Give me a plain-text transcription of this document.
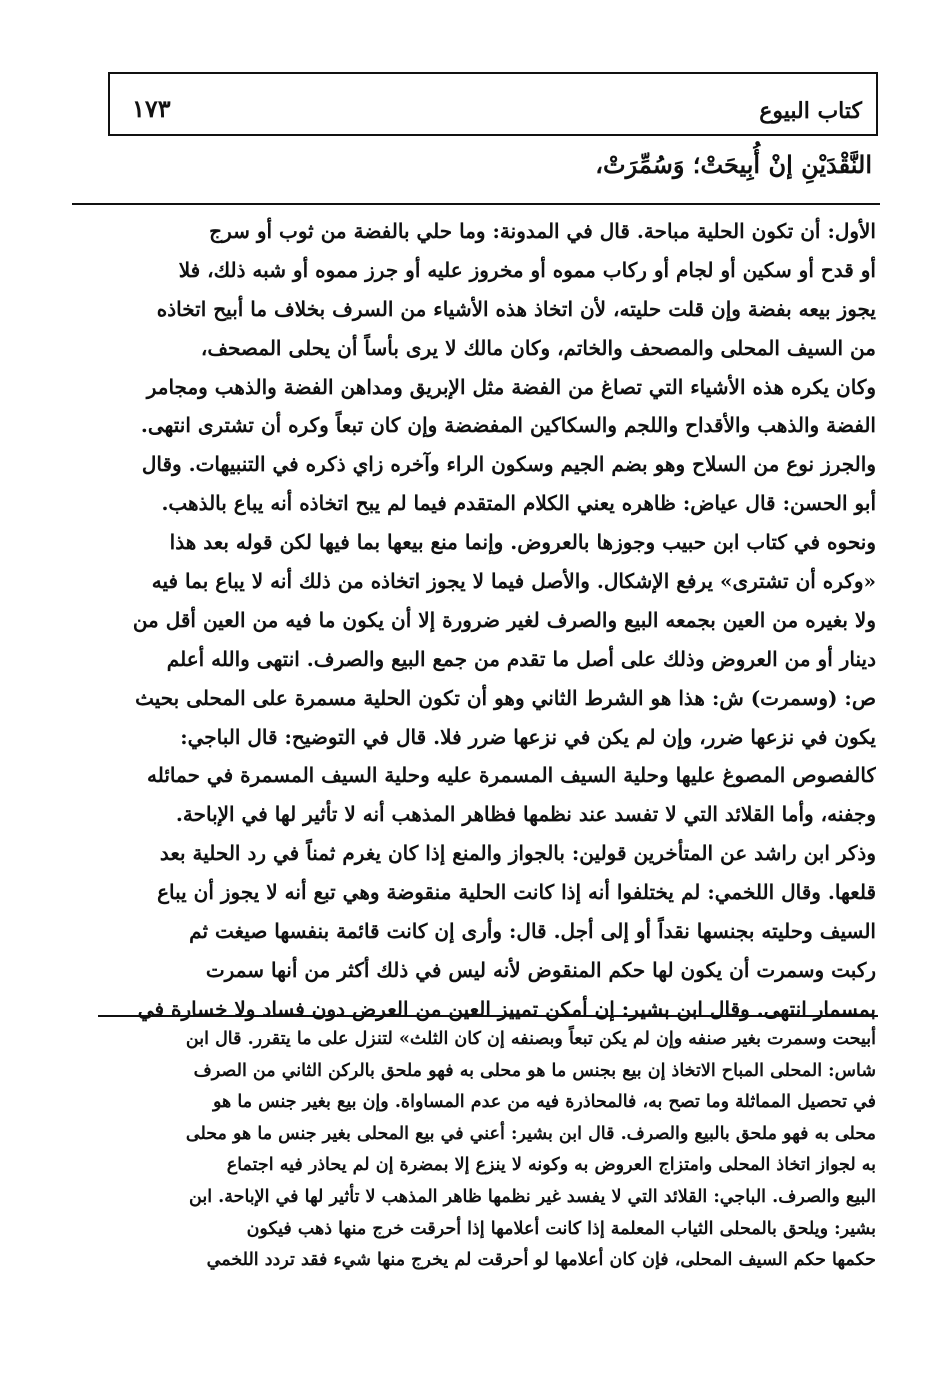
كتاب البيوع
١٧٣
النَّقْدَيْنِ إنْ أُبِيحَتْ؛ وَسُمِّرَتْ،
الأول: أن تكون الحلية مباحة. قال في المدونة: وما حلي بالفضة من ثوب أو سرج
أو قدح أو سكين أو لجام أو ركاب مموه أو مخروز عليه أو جرز مموه أو شبه ذلك، فلا
يجوز بيعه بفضة وإن قلت حليته، لأن اتخاذ هذه الأشياء من السرف بخلاف ما أبيح اتخاذه
من السيف المحلى والمصحف والخاتم، وكان مالك لا يرى بأساً أن يحلى المصحف،
وكان يكره هذه الأشياء التي تصاغ من الفضة مثل الإبريق ومداهن الفضة والذهب ومجامر
الفضة والذهب والأقداح واللجم والسكاكين المفضضة وإن كان تبعاً وكره أن تشترى انتهى.
والجرز نوع من السلاح وهو بضم الجيم وسكون الراء وآخره زاي ذكره في التنبيهات. وقال
أبو الحسن: قال عياض: ظاهره يعني الكلام المتقدم فيما لم يبح اتخاذه أنه يباع بالذهب.
ونحوه في كتاب ابن حبيب وجوزها بالعروض. وإنما منع بيعها بما فيها لكن قوله بعد هذا
«وكره أن تشترى» يرفع الإشكال. والأصل فيما لا يجوز اتخاذه من ذلك أنه لا يباع بما فيه
ولا بغيره من العين بجمعه البيع والصرف لغير ضرورة إلا أن يكون ما فيه من العين أقل من
دينار أو من العروض وذلك على أصل ما تقدم من جمع البيع والصرف. انتهى والله أعلم
ص: (وسمرت) ش: هذا هو الشرط الثاني وهو أن تكون الحلية مسمرة على المحلى بحيث
يكون في نزعها ضرر، وإن لم يكن في نزعها ضرر فلا. قال في التوضيح: قال الباجي:
كالفصوص المصوغ عليها وحلية السيف المسمرة عليه وحلية السيف المسمرة في حمائله
وجفنه، وأما القلائد التي لا تفسد عند نظمها فظاهر المذهب أنه لا تأثير لها في الإباحة.
وذكر ابن راشد عن المتأخرين قولين: بالجواز والمنع إذا كان يغرم ثمناً في رد الحلية بعد
قلعها. وقال اللخمي: لم يختلفوا أنه إذا كانت الحلية منقوضة وهي تبع أنه لا يجوز أن يباع
السيف وحليته بجنسها نقداً أو إلى أجل. قال: وأرى إن كانت قائمة بنفسها صيغت ثم
ركبت وسمرت أن يكون لها حكم المنقوض لأنه ليس في ذلك أكثر من أنها سمرت
بمسمار انتهى. وقال ابن بشير: إن أمكن تمييز العين من العرض دون فساد ولا خسارة في
أبيحت وسمرت بغير صنفه وإن لم يكن تبعاً وبصنفه إن كان الثلث» لتنزل على ما يتقرر. قال ابن
شاس: المحلى المباح الاتخاذ إن بيع بجنس ما هو محلى به فهو ملحق بالركن الثاني من الصرف
في تحصيل المماثلة وما تصح به، فالمحاذرة فيه من عدم المساواة. وإن بيع بغير جنس ما هو
محلى به فهو ملحق بالبيع والصرف. قال ابن بشير: أعني في بيع المحلى بغير جنس ما هو محلى
به لجواز اتخاذ المحلى وامتزاج العروض به وكونه لا ينزع إلا بمضرة إن لم يحاذر فيه اجتماع
البيع والصرف. الباجي: القلائد التي لا يفسد غير نظمها ظاهر المذهب لا تأثير لها في الإباحة. ابن
بشير: ويلحق بالمحلى الثياب المعلمة إذا كانت أعلامها إذا أحرقت خرج منها ذهب فيكون
حكمها حكم السيف المحلى، فإن كان أعلامها لو أحرقت لم يخرج منها شيء فقد تردد اللخمي
